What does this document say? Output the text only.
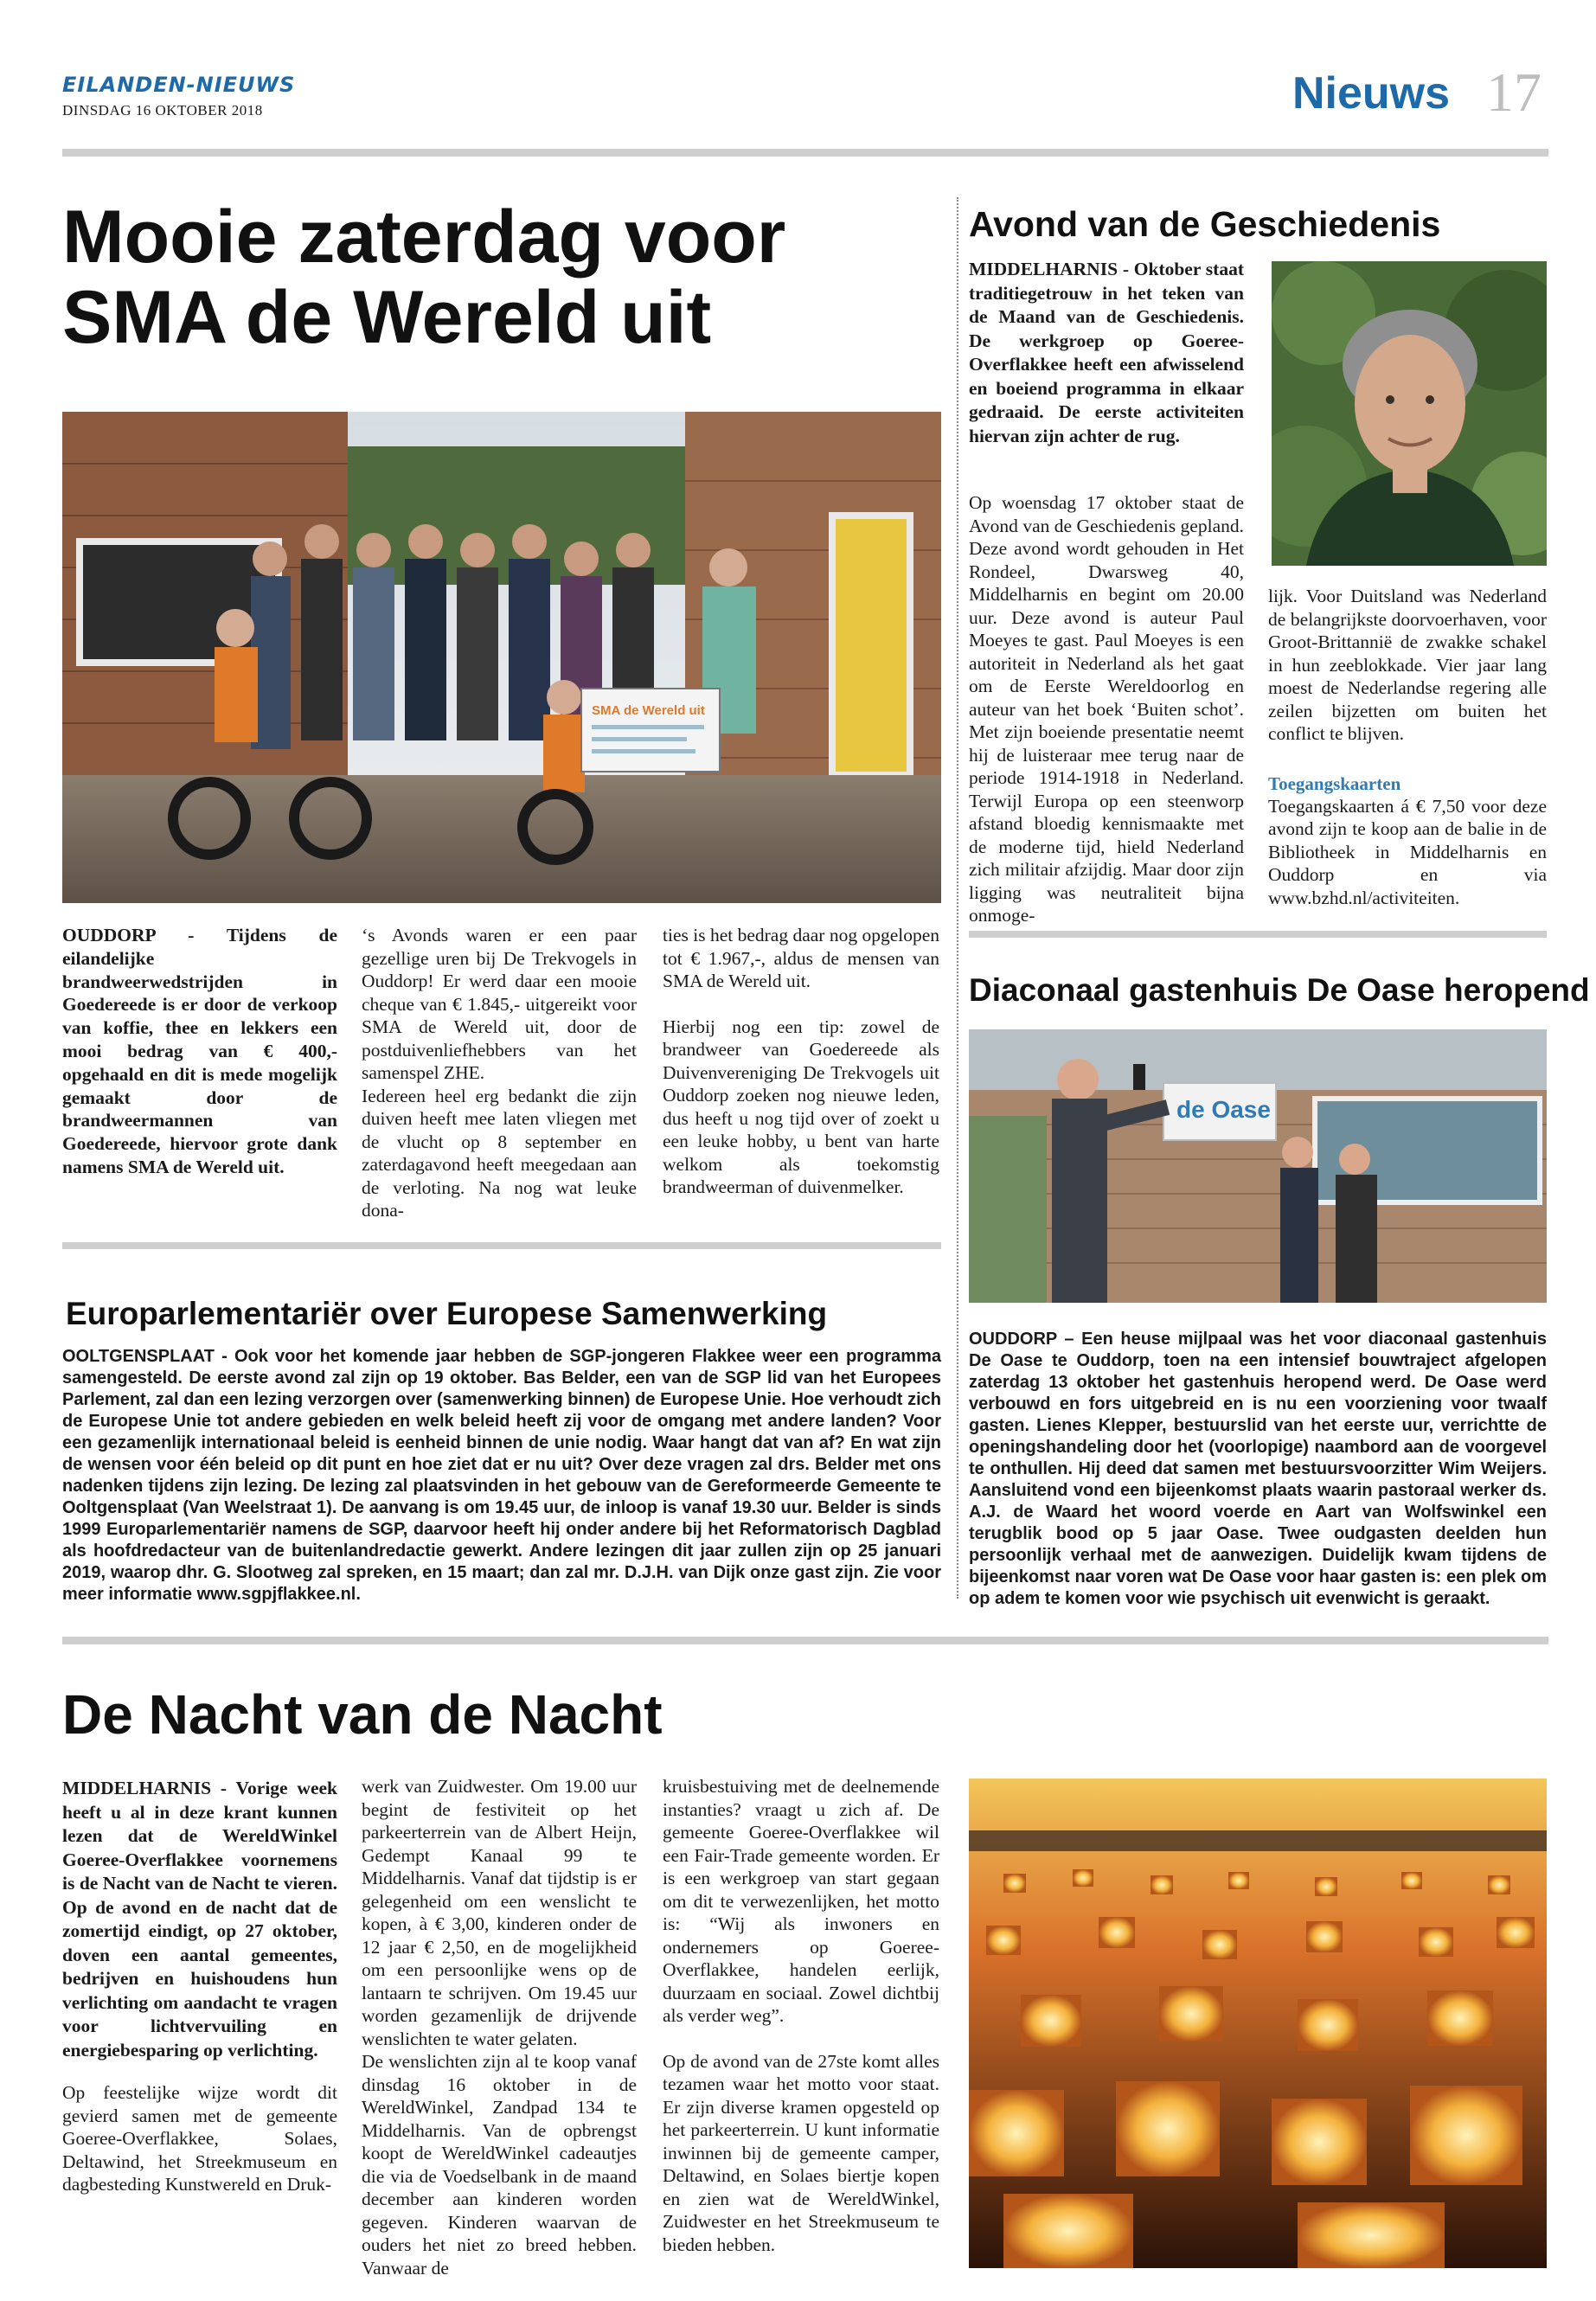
EILANDEN-NIEUWS
DINSDAG 16 OKTOBER 2018	Nieuws 17
Mooie zaterdag voor SMA de Wereld uit
SMA de Wereld uit
OUDDORP - Tijdens de eilandelijke brandweerwedstrijden in Goedereede is er door de verkoop van koffie, thee en lekkers een mooi bedrag van € 400,- opgehaald en dit is mede mogelijk gemaakt door de brandweermannen van Goedereede, hiervoor grote dank namens SMA de Wereld uit.

‘s Avonds waren er een paar gezellige uren bij De Trekvogels in Ouddorp! Er werd daar een mooie cheque van € 1.845,- uitgereikt voor SMA de Wereld uit, door de postduivenliefhebbers van het samenspel ZHE.

Iedereen heel erg bedankt die zijn duiven heeft mee laten vliegen met de vlucht op 8 september en zaterdagavond heeft meegedaan aan de verloting. Na nog wat leuke dona-

ties is het bedrag daar nog opgelopen tot € 1.967,-, aldus de mensen van SMA de Wereld uit.

Hierbij nog een tip: zowel de brandweer van Goedereede als Duivenvereniging De Trekvogels uit Ouddorp zoeken nog nieuwe leden, dus heeft u nog tijd over of zoekt u een leuke hobby, u bent van harte welkom als toekomstig brandweerman of duivenmelker.

Avond van de Geschiedenis
MIDDELHARNIS - Oktober staat traditiegetrouw in het teken van de Maand van de Geschiedenis. De werkgroep op Goeree-Overflakkee heeft een afwisselend en boeiend programma in elkaar gedraaid. De eerste activiteiten hiervan zijn achter de rug.
Op woensdag 17 oktober staat de Avond van de Geschiedenis gepland. Deze avond wordt gehouden in Het Rondeel, Dwarsweg 40, Middelharnis en begint om 20.00 uur. Deze avond is auteur Paul Moeyes te gast. Paul Moeyes is een autoriteit in Nederland als het gaat om de Eerste Wereldoorlog en auteur van het boek ‘Buiten schot’. Met zijn boeiende presentatie neemt hij de luisteraar mee terug naar de periode 1914-1918 in Nederland. Terwijl Europa op een steenworp afstand bloedig kennismaakte met de moderne tijd, hield Nederland zich militair afzijdig. Maar door zijn ligging was neutraliteit bijna onmoge-
lijk. Voor Duitsland was Nederland de belangrijkste doorvoerhaven, voor Groot-Brittannië de zwakke schakel in hun zeeblokkade. Vier jaar lang moest de Nederlandse regering alle zeilen bijzetten om buiten het conflict te blijven.
Toegangskaarten
Toegangskaarten á € 7,50 voor deze avond zijn te koop aan de balie in de Bibliotheek in Middelharnis en Ouddorp en via www.bzhd.nl/activiteiten.
Diaconaal gastenhuis De Oase heropend
de Oase
OUDDORP – Een heuse mijlpaal was het voor diaconaal gastenhuis De Oase te Ouddorp, toen na een intensief bouwtraject afgelopen zaterdag 13 oktober het gastenhuis heropend werd. De Oase werd verbouwd en fors uitgebreid en is nu een voorziening voor twaalf gasten. Lienes Klepper, bestuurslid van het eerste uur, verrichtte de openingshandeling door het (voorlopige) naambord aan de voorgevel te onthullen. Hij deed dat samen met bestuursvoorzitter Wim Weijers. Aansluitend vond een bijeenkomst plaats waarin pastoraal werker ds. A.J. de Waard het woord voerde en Aart van Wolfswinkel een terugblik bood op 5 jaar Oase. Twee oudgasten deelden hun persoonlijk verhaal met de aanwezigen. Duidelijk kwam tijdens de bijeenkomst naar voren wat De Oase voor haar gasten is: een plek om op adem te komen voor wie psychisch uit evenwicht is geraakt.
Europarlementariër over Europese Samenwerking
OOLTGENSPLAAT - Ook voor het komende jaar hebben de SGP-jongeren Flakkee weer een programma samengesteld. De eerste avond zal zijn op 19 oktober. Bas Belder, een van de SGP lid van het Europees Parlement, zal dan een lezing verzorgen over (samenwerking binnen) de Europese Unie. Hoe verhoudt zich de Europese Unie tot andere gebieden en welk beleid heeft zij voor de omgang met andere landen? Voor een gezamenlijk internationaal beleid is eenheid binnen de unie nodig. Waar hangt dat van af? En wat zijn de wensen voor één beleid op dit punt en hoe ziet dat er nu uit? Over deze vragen zal drs. Belder met ons nadenken tijdens zijn lezing. De lezing zal plaatsvinden in het gebouw van de Gereformeerde Gemeente te Ooltgensplaat (Van Weelstraat 1). De aanvang is om 19.45 uur, de inloop is vanaf 19.30 uur. Belder is sinds 1999 Europarlementariër namens de SGP, daarvoor heeft hij onder andere bij het Reformatorisch Dagblad als hoofdredacteur van de buitenlandredactie gewerkt. Andere lezingen dit jaar zullen zijn op 25 januari 2019, waarop dhr. G. Slootweg zal spreken, en 15 maart; dan zal mr. D.J.H. van Dijk onze gast zijn. Zie voor meer informatie www.sgpjflakkee.nl.
De Nacht van de Nacht
MIDDELHARNIS - Vorige week heeft u al in deze krant kunnen lezen dat de WereldWinkel Goeree-Overflakkee voornemens is de Nacht van de Nacht te vieren. Op de avond en de nacht dat de zomertijd eindigt, op 27 oktober, doven een aantal gemeentes, bedrijven en huishoudens hun verlichting om aandacht te vragen voor lichtvervuiling en energiebesparing op verlichting.
Op feestelijke wijze wordt dit gevierd samen met de gemeente Goeree-Overflakkee, Solaes, Deltawind, het Streekmuseum en dagbesteding Kunstwereld en Druk-

werk van Zuidwester. Om 19.00 uur begint de festiviteit op het parkeerterrein van de Albert Heijn, Gedempt Kanaal 99 te Middelharnis. Vanaf dat tijdstip is er gelegenheid om een wenslicht te kopen, à € 3,00, kinderen onder de 12 jaar € 2,50, en de mogelijkheid om een persoonlijke wens op de lantaarn te schrijven. Om 19.45 uur worden gezamenlijk de drijvende wenslichten te water gelaten.

De wenslichten zijn al te koop vanaf dinsdag 16 oktober in de WereldWinkel, Zandpad 134 te Middelharnis. Van de opbrengst koopt de WereldWinkel cadeautjes die via de Voedselbank in de maand december aan kinderen worden gegeven. Kinderen waarvan de ouders het niet zo breed hebben. Vanwaar de

kruisbestuiving met de deelnemende instanties? vraagt u zich af. De gemeente Goeree-Overflakkee wil een Fair-Trade gemeente worden. Er is een werkgroep van start gegaan om dit te verwezenlijken, het motto is: “Wij als inwoners en ondernemers op Goeree-Overflakkee, handelen eerlijk, duurzaam en sociaal. Zowel dichtbij als verder weg”.

Op de avond van de 27ste komt alles tezamen waar het motto voor staat. Er zijn diverse kramen opgesteld op het parkeerterrein. U kunt informatie inwinnen bij de gemeente camper, Deltawind, en Solaes biertje kopen en zien wat de WereldWinkel, Zuidwester en het Streekmuseum te bieden hebben.
